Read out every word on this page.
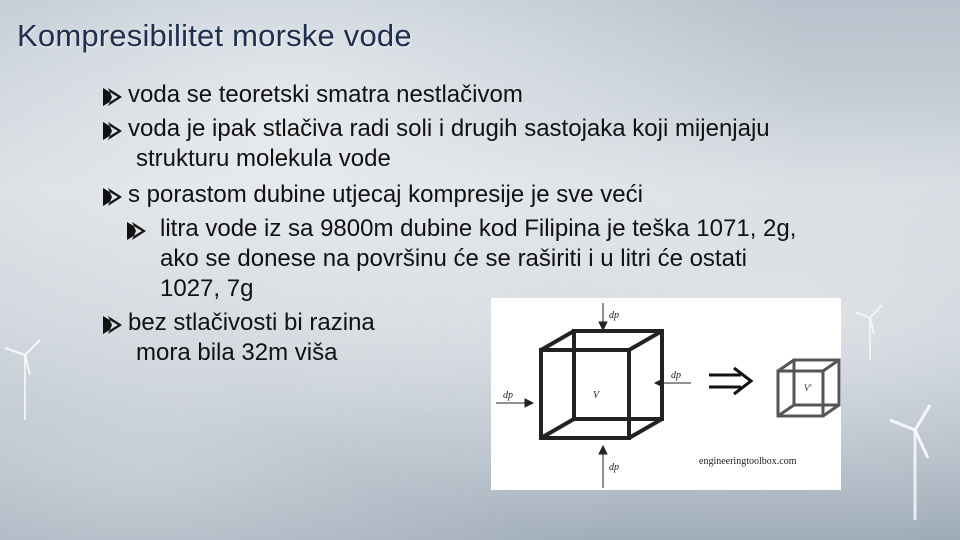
Kompresibilitet morske vode
voda se teoretski smatra nestlačivom
voda je ipak stlačiva radi soli i drugih sastojaka koji mijenjaju
strukturu molekula vode
s porastom dubine utjecaj kompresije je sve veći
litra vode iz sa 9800m dubine kod Filipina je teška 1071, 2g,
ako se donese na površinu će se raširiti i u litri će ostati
1027, 7g
bez stlačivosti bi razina
mora bila 32m viša
dp
dp
dp
dp
V
V'
engineeringtoolbox.com
